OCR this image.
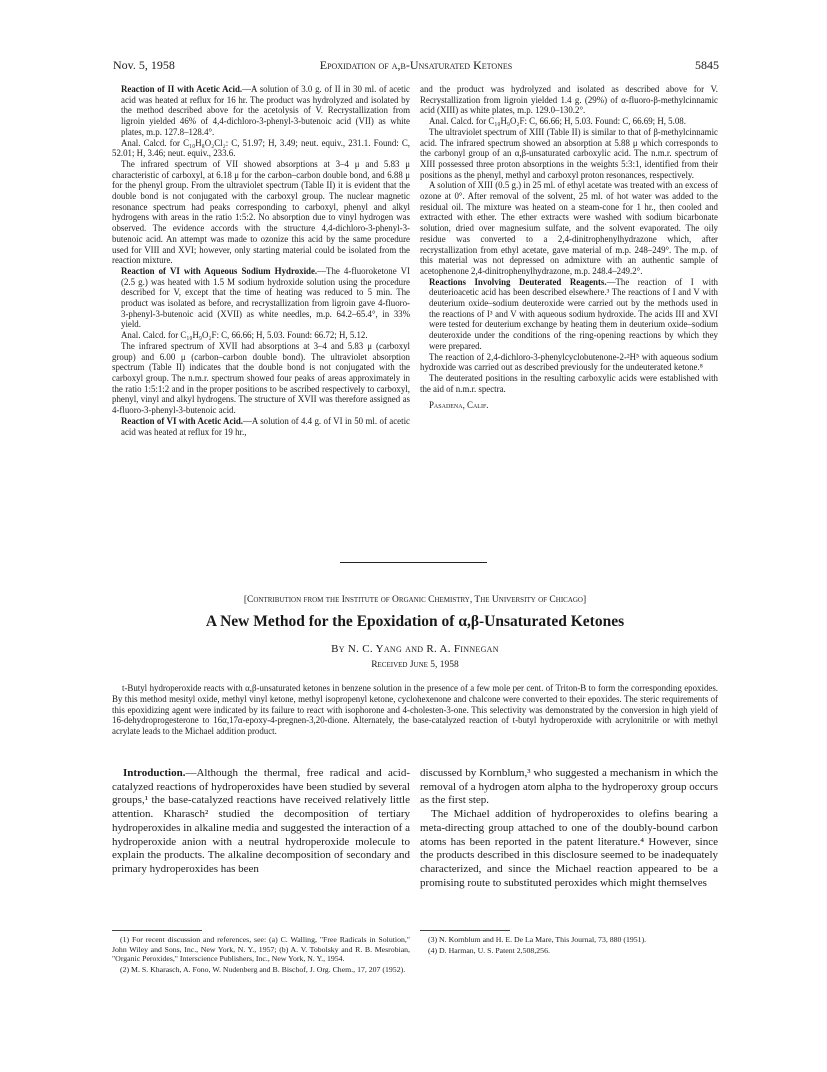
Nov. 5, 1958	Epoxidation of α,β-Unsaturated Ketones	5845

Reaction of II with Acetic Acid.—A solution of 3.0 g. of II in 30 ml. of acetic acid was heated at reflux for 16 hr. The product was hydrolyzed and isolated by the method described above for the acetolysis of V. Recrystallization from ligroin yielded 46% of 4,4-dichloro-3-phenyl-3-butenoic acid (VII) as white plates, m.p. 127.8–128.4°.

Anal. Calcd. for C₁₀H₈O₂Cl₂: C, 51.97; H, 3.49; neut. equiv., 231.1. Found: C, 52.01; H, 3.46; neut. equiv., 233.6.

The infrared spectrum of VII showed absorptions at 3–4 μ and 5.83 μ characteristic of carboxyl, at 6.18 μ for the carbon–carbon double bond, and 6.88 μ for the phenyl group. From the ultraviolet spectrum (Table II) it is evident that the double bond is not conjugated with the carboxyl group. The nuclear magnetic resonance spectrum had peaks corresponding to carboxyl, phenyl and alkyl hydrogens with areas in the ratio 1:5:2. No absorption due to vinyl hydrogen was observed. The evidence accords with the structure 4,4-dichloro-3-phenyl-3-butenoic acid. An attempt was made to ozonize this acid by the same procedure used for VIII and XVI; however, only starting material could be isolated from the reaction mixture.

Reaction of VI with Aqueous Sodium Hydroxide.—The 4-fluoroketone VI (2.5 g.) was heated with 1.5 M sodium hydroxide solution using the procedure described for V, except that the time of heating was reduced to 5 min. The product was isolated as before, and recrystallization from ligroin gave 4-fluoro-3-phenyl-3-butenoic acid (XVII) as white needles, m.p. 64.2–65.4°, in 33% yield.

Anal. Calcd. for C₁₀H₉O₂F: C, 66.66; H, 5.03. Found: 66.72; H, 5.12.

The infrared spectrum of XVII had absorptions at 3–4 and 5.83 μ (carboxyl group) and 6.00 μ (carbon–carbon double bond). The ultraviolet absorption spectrum (Table II) indicates that the double bond is not conjugated with the carboxyl group. The n.m.r. spectrum showed four peaks of areas approximately in the ratio 1:5:1:2 and in the proper positions to be ascribed respectively to carboxyl, phenyl, vinyl and alkyl hydrogens. The structure of XVII was therefore assigned as 4-fluoro-3-phenyl-3-butenoic acid.

Reaction of VI with Acetic Acid.—A solution of 4.4 g. of VI in 50 ml. of acetic acid was heated at reflux for 19 hr.,

and the product was hydrolyzed and isolated as described above for V. Recrystallization from ligroin yielded 1.4 g. (29%) of α-fluoro-β-methylcinnamic acid (XIII) as white plates, m.p. 129.0–130.2°.

Anal. Calcd. for C₁₀H₉O₂F: C, 66.66; H, 5.03. Found: C, 66.69; H, 5.08.

The ultraviolet spectrum of XIII (Table II) is similar to that of β-methylcinnamic acid. The infrared spectrum showed an absorption at 5.88 μ which corresponds to the carbonyl group of an α,β-unsaturated carboxylic acid. The n.m.r. spectrum of XIII possessed three proton absorptions in the weights 5:3:1, identified from their positions as the phenyl, methyl and carboxyl proton resonances, respectively.

A solution of XIII (0.5 g.) in 25 ml. of ethyl acetate was treated with an excess of ozone at 0°. After removal of the solvent, 25 ml. of hot water was added to the residual oil. The mixture was heated on a steam-cone for 1 hr., then cooled and extracted with ether. The ether extracts were washed with sodium bicarbonate solution, dried over magnesium sulfate, and the solvent evaporated. The oily residue was converted to a 2,4-dinitrophenylhydrazone which, after recrystallization from ethyl acetate, gave material of m.p. 248–249°. The m.p. of this material was not depressed on admixture with an authentic sample of acetophenone 2,4-dinitrophenylhydrazone, m.p. 248.4–249.2°.

Reactions Involving Deuterated Reagents.—The reaction of I with deuterioacetic acid has been described elsewhere.³ The reactions of I and V with deuterium oxide–sodium deuteroxide were carried out by the methods used in the reactions of I³ and V with aqueous sodium hydroxide. The acids III and XVI were tested for deuterium exchange by heating them in deuterium oxide–sodium deuteroxide under the conditions of the ring-opening reactions by which they were prepared.

The reaction of 2,4-dichloro-3-phenylcyclobutenone-2-²H⁵ with aqueous sodium hydroxide was carried out as described previously for the undeuterated ketone.⁸

The deuterated positions in the resulting carboxylic acids were established with the aid of n.m.r. spectra.

Pasadena, Calif.

[Contribution from the Institute of Organic Chemistry, The University of Chicago]
A New Method for the Epoxidation of α,β-Unsaturated Ketones
By N. C. Yang and R. A. Finnegan
Received June 5, 1958

t-Butyl hydroperoxide reacts with α,β-unsaturated ketones in benzene solution in the presence of a few mole per cent. of Triton-B to form the corresponding epoxides. By this method mesityl oxide, methyl vinyl ketone, methyl isopropenyl ketone, cyclohexenone and chalcone were converted to their epoxides. The steric requirements of this epoxidizing agent were indicated by its failure to react with isophorone and 4-cholesten-3-one. This selectivity was demonstrated by the conversion in high yield of 16-dehydroprogesterone to 16α,17α-epoxy-4-pregnen-3,20-dione. Alternately, the base-catalyzed reaction of t-butyl hydroperoxide with acrylonitrile or with methyl acrylate leads to the Michael addition product.

Introduction.—Although the thermal, free radical and acid-catalyzed reactions of hydroperoxides have been studied by several groups,¹ the base-catalyzed reactions have received relatively little attention. Kharasch² studied the decomposition of tertiary hydroperoxides in alkaline media and suggested the interaction of a hydroperoxide anion with a neutral hydroperoxide molecule to explain the products. The alkaline decomposition of secondary and primary hydroperoxides has been

discussed by Kornblum,³ who suggested a mechanism in which the removal of a hydrogen atom alpha to the hydroperoxy group occurs as the first step.

The Michael addition of hydroperoxides to olefins bearing a meta-directing group attached to one of the doubly-bound carbon atoms has been reported in the patent literature.⁴ However, since the products described in this disclosure seemed to be inadequately characterized, and since the Michael reaction appeared to be a promising route to substituted peroxides which might themselves

(1) For recent discussion and references, see: (a) C. Walling, "Free Radicals in Solution," John Wiley and Sons, Inc., New York, N. Y., 1957; (b) A. V. Tobolsky and R. B. Mesrobian, "Organic Peroxides," Interscience Publishers, Inc., New York, N. Y., 1954.

(2) M. S. Kharasch, A. Fono, W. Nudenberg and B. Bischof, J. Org. Chem., 17, 207 (1952).

(3) N. Kornblum and H. E. De La Mare, This Journal, 73, 880 (1951).

(4) D. Harman, U. S. Patent 2,508,256.
